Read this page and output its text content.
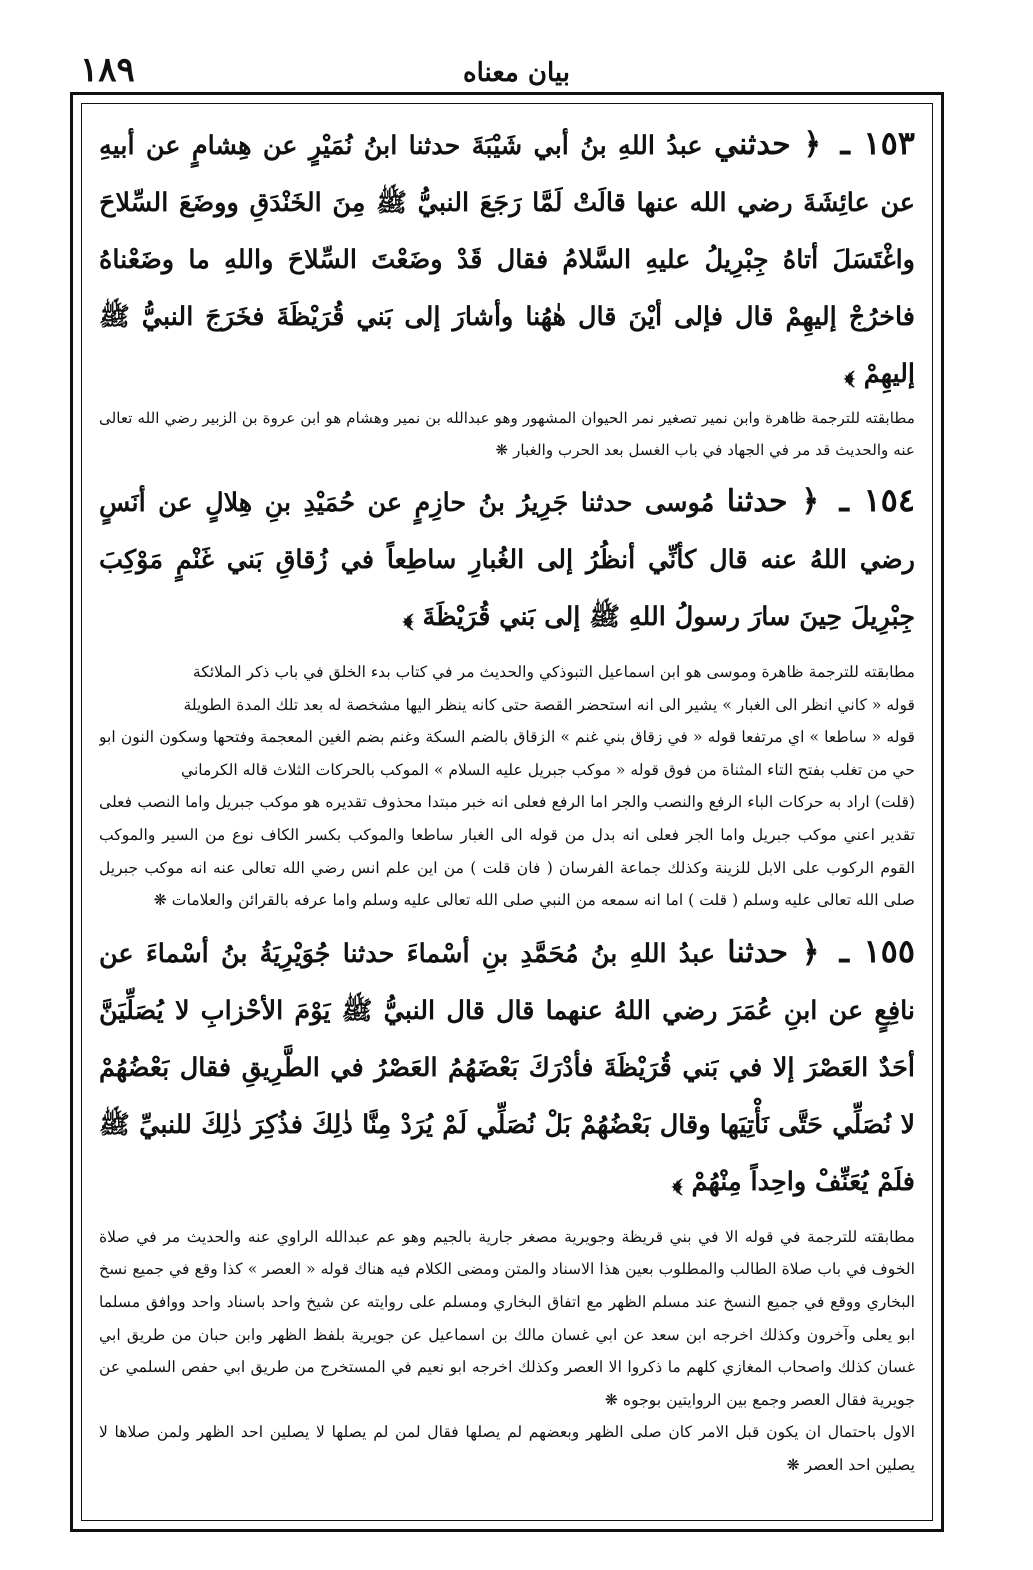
۱۸۹	بيان معناه

١٥٣ ـ ﴿ حدثني عبدُ اللهِ بنُ أبي شَيْبَةَ حدثنا ابنُ نُمَيْرٍ عن هِشامٍ عن أبيهِ عن عائِشَةَ رضي الله عنها قالَتْ لَمَّا رَجَعَ النبيُّ ﷺ مِنَ الخَنْدَقِ ووضَعَ السِّلاحَ واغْتَسَلَ أتاهُ جِبْرِيلُ عليهِ السَّلامُ فقال قَدْ وضَعْتَ السِّلاحَ واللهِ ما وضَعْناهُ فاخرُجْ إليهِمْ قال فإلى أيْنَ قال هٰهُنا وأشارَ إلى بَني قُرَيْظَةَ فخَرَجَ النبيُّ ﷺ إليهِمْ ﴾

مطابقته للترجمة ظاهرة وابن نمير تصغير نمر الحيوان المشهور وهو عبدالله بن نمير وهشام هو ابن عروة بن الزبير رضي الله تعالى عنه والحديث قد مر في الجهاد في باب الغسل بعد الحرب والغبار ❋

١٥٤ ـ ﴿ حدثنا مُوسى حدثنا جَرِيرُ بنُ حازِمٍ عن حُمَيْدِ بنِ هِلالٍ عن أنَسٍ رضي اللهُ عنه قال كأنِّي أنظُرُ إلى الغُبارِ ساطِعاً في زُقاقِ بَني غَنْمٍ مَوْكِبَ جِبْرِيلَ حِينَ سارَ رسولُ اللهِ ﷺ إلى بَني قُرَيْظَةَ ﴾

مطابقته للترجمة ظاهرة وموسى هو ابن اسماعيل التبوذكي والحديث مر في كتاب بدء الخلق في باب ذكر الملائكة

قوله « كاني انظر الى الغبار » يشير الى انه استحضر القصة حتى كانه ينظر اليها مشخصة له بعد تلك المدة الطويلة

قوله « ساطعا » اي مرتفعا قوله « في زقاق بني غنم » الزقاق بالضم السكة وغنم بضم الغين المعجمة وفتحها وسكون النون ابو حي من تغلب بفتح التاء المثناة من فوق قوله « موكب جبريل عليه السلام » الموكب بالحركات الثلاث قاله الكرماني

(قلت) اراد به حركات الباء الرفع والنصب والجر اما الرفع فعلى انه خبر مبتدا محذوف تقديره هو موكب جبريل واما النصب فعلى تقدير اعني موكب جبريل واما الجر فعلى انه بدل من قوله الى الغبار ساطعا والموكب بكسر الكاف نوع من السير والموكب القوم الركوب على الابل للزينة وكذلك جماعة الفرسان ( فان قلت ) من اين علم انس رضي الله تعالى عنه انه موكب جبريل صلى الله تعالى عليه وسلم ( قلت ) اما انه سمعه من النبي صلى الله تعالى عليه وسلم واما عرفه بالقرائن والعلامات ❋

١٥٥ ـ ﴿ حدثنا عبدُ اللهِ بنُ مُحَمَّدِ بنِ أسْماءَ حدثنا جُوَيْرِيَةُ بنُ أسْماءَ عن نافِعٍ عن ابنِ عُمَرَ رضي اللهُ عنهما قال قال النبيُّ ﷺ يَوْمَ الأحْزابِ لا يُصَلِّيَنَّ أحَدٌ العَصْرَ إلا في بَني قُرَيْظَةَ فأدْرَكَ بَعْضَهُمُ العَصْرُ في الطَّرِيقِ فقال بَعْضُهُمْ لا نُصَلِّي حَتَّى نَأْتِيَها وقال بَعْضُهُمْ بَلْ نُصَلِّي لَمْ يُرَدْ مِنَّا ذٰلِكَ فذُكِرَ ذٰلِكَ للنبيِّ ﷺ فلَمْ يُعَنِّفْ واحِداً مِنْهُمْ ﴾

مطابقته للترجمة في قوله الا في بني قريظة وجويرية مصغر جارية بالجيم وهو عم عبدالله الراوي عنه والحديث مر في صلاة الخوف في باب صلاة الطالب والمطلوب بعين هذا الاسناد والمتن ومضى الكلام فيه هناك قوله « العصر » كذا وقع في جميع نسخ البخاري ووقع في جميع النسخ عند مسلم الظهر مع اتفاق البخاري ومسلم على روايته عن شيخ واحد باسناد واحد ووافق مسلما ابو يعلى وآخرون وكذلك اخرجه ابن سعد عن ابي غسان مالك بن اسماعيل عن جويرية بلفظ الظهر وابن حبان من طريق ابي غسان كذلك واصحاب المغازي كلهم ما ذكروا الا العصر وكذلك اخرجه ابو نعيم في المستخرج من طريق ابي حفص السلمي عن جويرية فقال العصر وجمع بين الروايتين بوجوه ❋

الاول باحتمال ان يكون قبل الامر كان صلى الظهر وبعضهم لم يصلها فقال لمن لم يصلها لا يصلين احد الظهر ولمن صلاها لا يصلين احد العصر ❋
